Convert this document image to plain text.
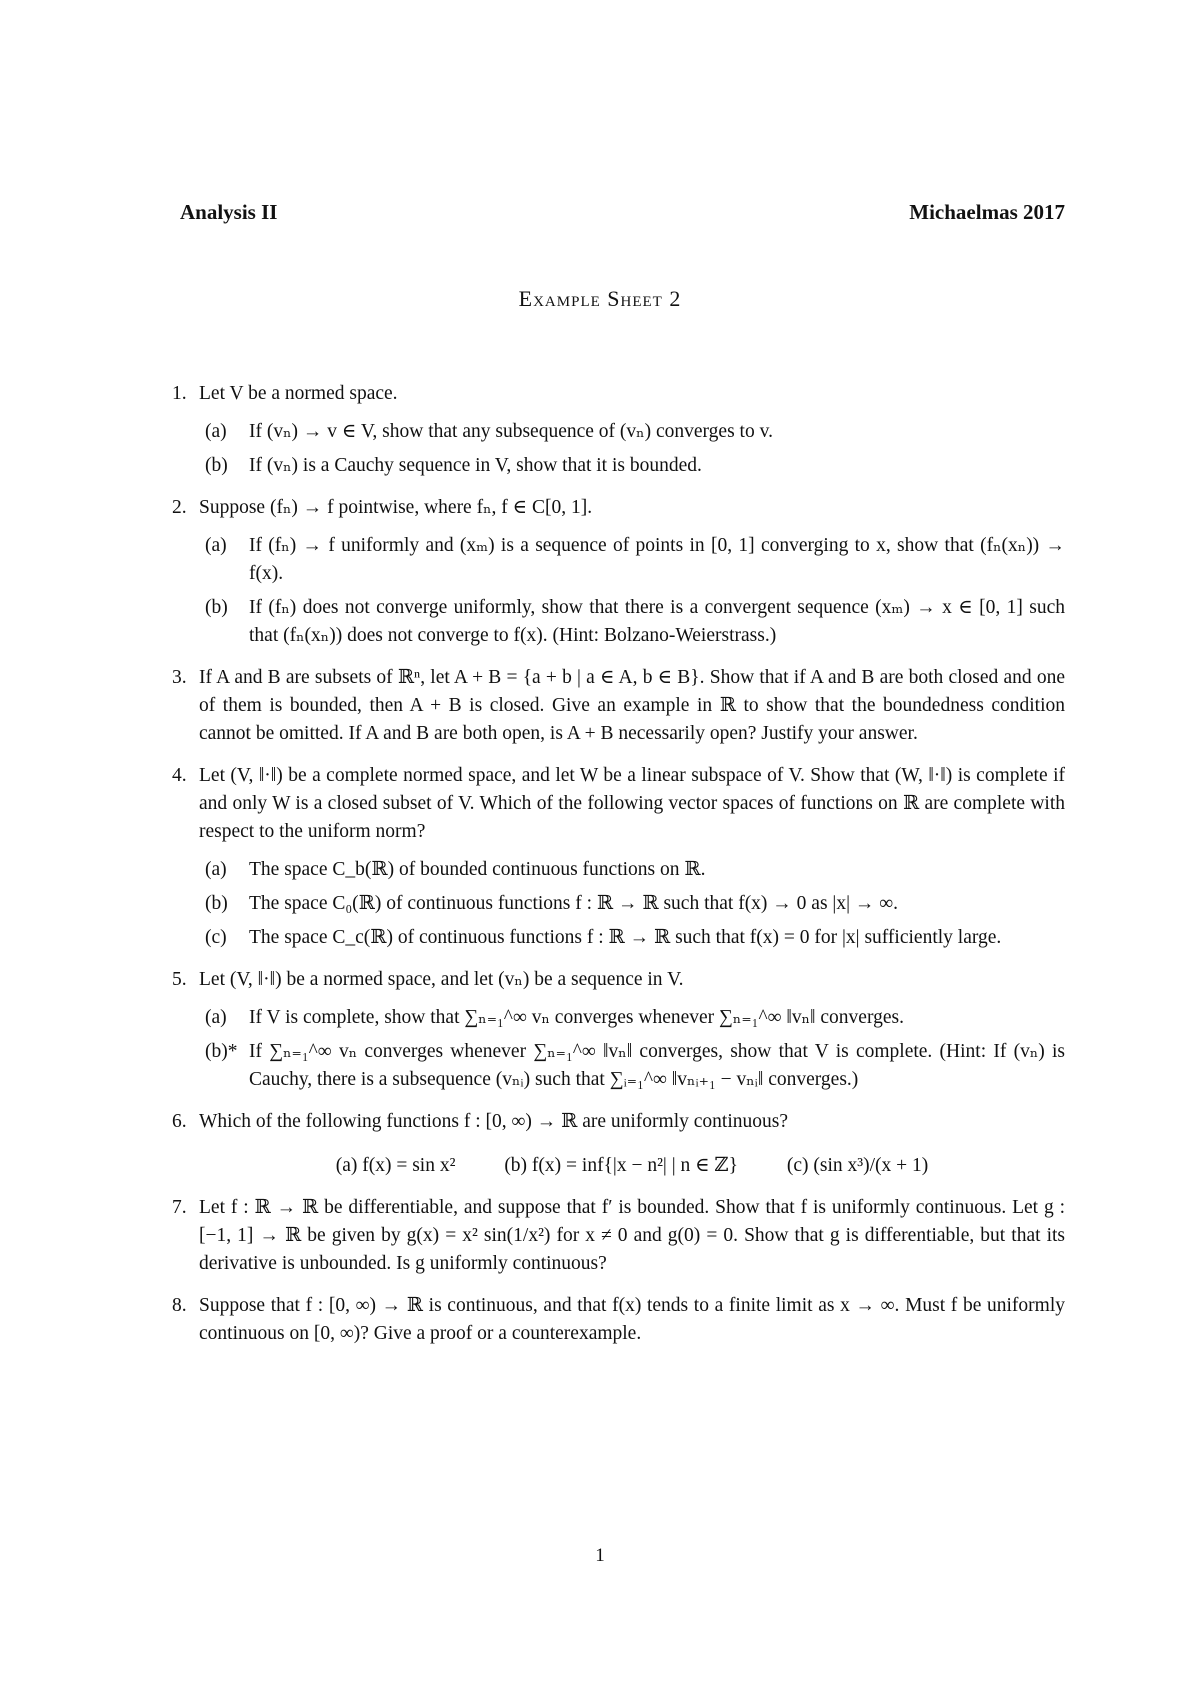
Analysis II	Michaelmas 2017
Example Sheet 2
1. Let V be a normed space.
(a) If (vₙ) → v ∈ V, show that any subsequence of (vₙ) converges to v.
(b) If (vₙ) is a Cauchy sequence in V, show that it is bounded.
2. Suppose (fₙ) → f pointwise, where fₙ, f ∈ C[0, 1].
(a) If (fₙ) → f uniformly and (xₘ) is a sequence of points in [0, 1] converging to x, show that (fₙ(xₙ)) → f(x).
(b) If (fₙ) does not converge uniformly, show that there is a convergent sequence (xₘ) → x ∈ [0, 1] such that (fₙ(xₙ)) does not converge to f(x). (Hint: Bolzano-Weierstrass.)
3. If A and B are subsets of ℝⁿ, let A + B = {a + b | a ∈ A, b ∈ B}. Show that if A and B are both closed and one of them is bounded, then A + B is closed. Give an example in ℝ to show that the boundedness condition cannot be omitted. If A and B are both open, is A + B necessarily open? Justify your answer.
4. Let (V, ‖·‖) be a complete normed space, and let W be a linear subspace of V. Show that (W, ‖·‖) is complete if and only W is a closed subset of V. Which of the following vector spaces of functions on ℝ are complete with respect to the uniform norm?
(a) The space C_b(ℝ) of bounded continuous functions on ℝ.
(b) The space C₀(ℝ) of continuous functions f : ℝ → ℝ such that f(x) → 0 as |x| → ∞.
(c) The space C_c(ℝ) of continuous functions f : ℝ → ℝ such that f(x) = 0 for |x| sufficiently large.
5. Let (V, ‖·‖) be a normed space, and let (vₙ) be a sequence in V.
(a) If V is complete, show that ∑ₙ₌₁^∞ vₙ converges whenever ∑ₙ₌₁^∞ ‖vₙ‖ converges.
(b)* If ∑ₙ₌₁^∞ vₙ converges whenever ∑ₙ₌₁^∞ ‖vₙ‖ converges, show that V is complete. (Hint: If (vₙ) is Cauchy, there is a subsequence (vₙᵢ) such that ∑ᵢ₌₁^∞ ‖vₙᵢ₊₁ − vₙᵢ‖ converges.)
6. Which of the following functions f : [0, ∞) → ℝ are uniformly continuous?
(a) f(x) = sin x²	(b) f(x) = inf{|x − n²| | n ∈ ℤ}	(c) (sin x³)/(x + 1)
7. Let f : ℝ → ℝ be differentiable, and suppose that f′ is bounded. Show that f is uniformly continuous. Let g : [−1, 1] → ℝ be given by g(x) = x² sin(1/x²) for x ≠ 0 and g(0) = 0. Show that g is differentiable, but that its derivative is unbounded. Is g uniformly continuous?
8. Suppose that f : [0, ∞) → ℝ is continuous, and that f(x) tends to a finite limit as x → ∞. Must f be uniformly continuous on [0, ∞)? Give a proof or a counterexample.
1
